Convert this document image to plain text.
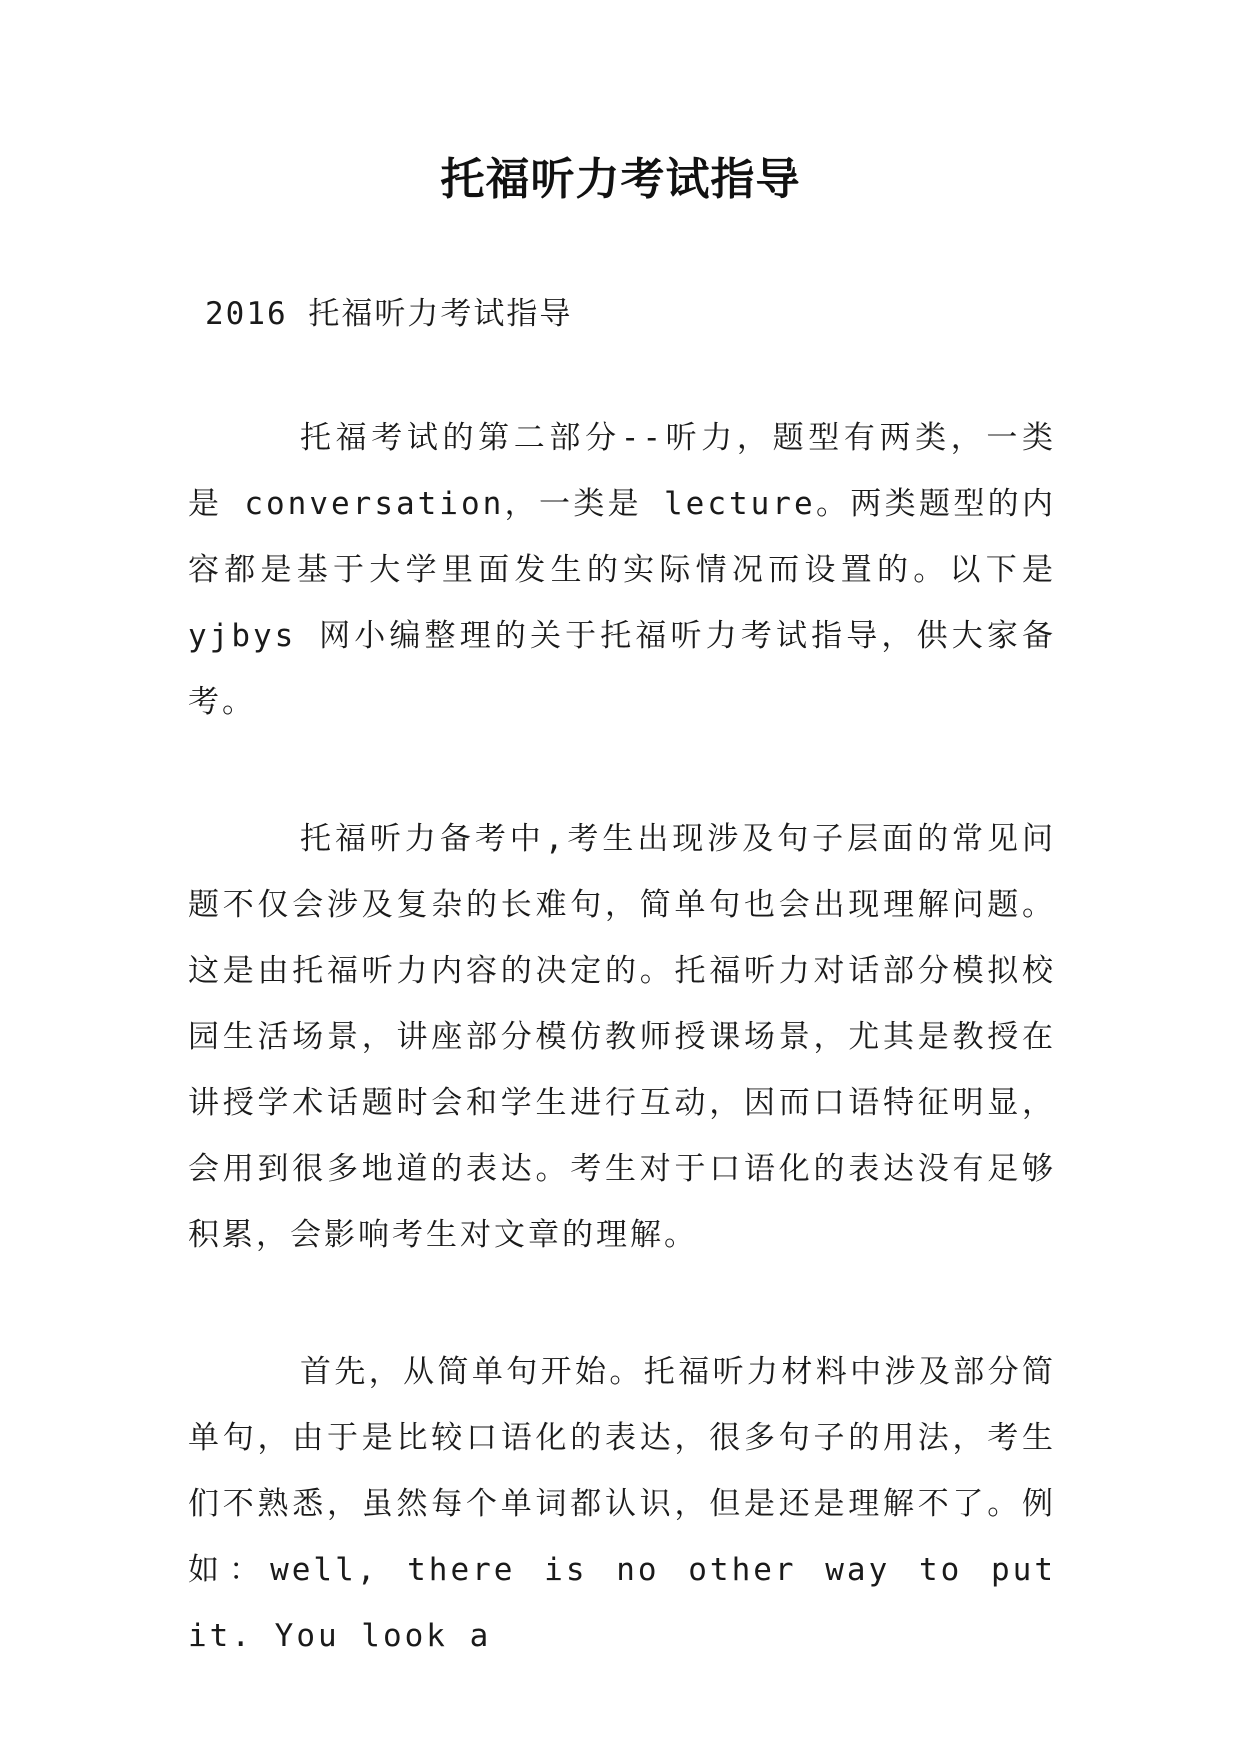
托福听力考试指导
2016 托福听力考试指导

托福考试的第二部分--听力，题型有两类，一类是 conversation，一类是 lecture。两类题型的内容都是基于大学里面发生的实际情况而设置的。以下是 yjbys 网小编整理的关于托福听力考试指导，供大家备考。

托福听力备考中,考生出现涉及句子层面的常见问题不仅会涉及复杂的长难句，简单句也会出现理解问题。这是由托福听力内容的决定的。托福听力对话部分模拟校园生活场景，讲座部分模仿教师授课场景，尤其是教授在讲授学术话题时会和学生进行互动，因而口语特征明显，会用到很多地道的表达。考生对于口语化的表达没有足够积累，会影响考生对文章的理解。

首先，从简单句开始。托福听力材料中涉及部分简单句，由于是比较口语化的表达，很多句子的用法，考生们不熟悉，虽然每个单词都认识，但是还是理解不了。例如：well, there is no other way to put it. You look a
